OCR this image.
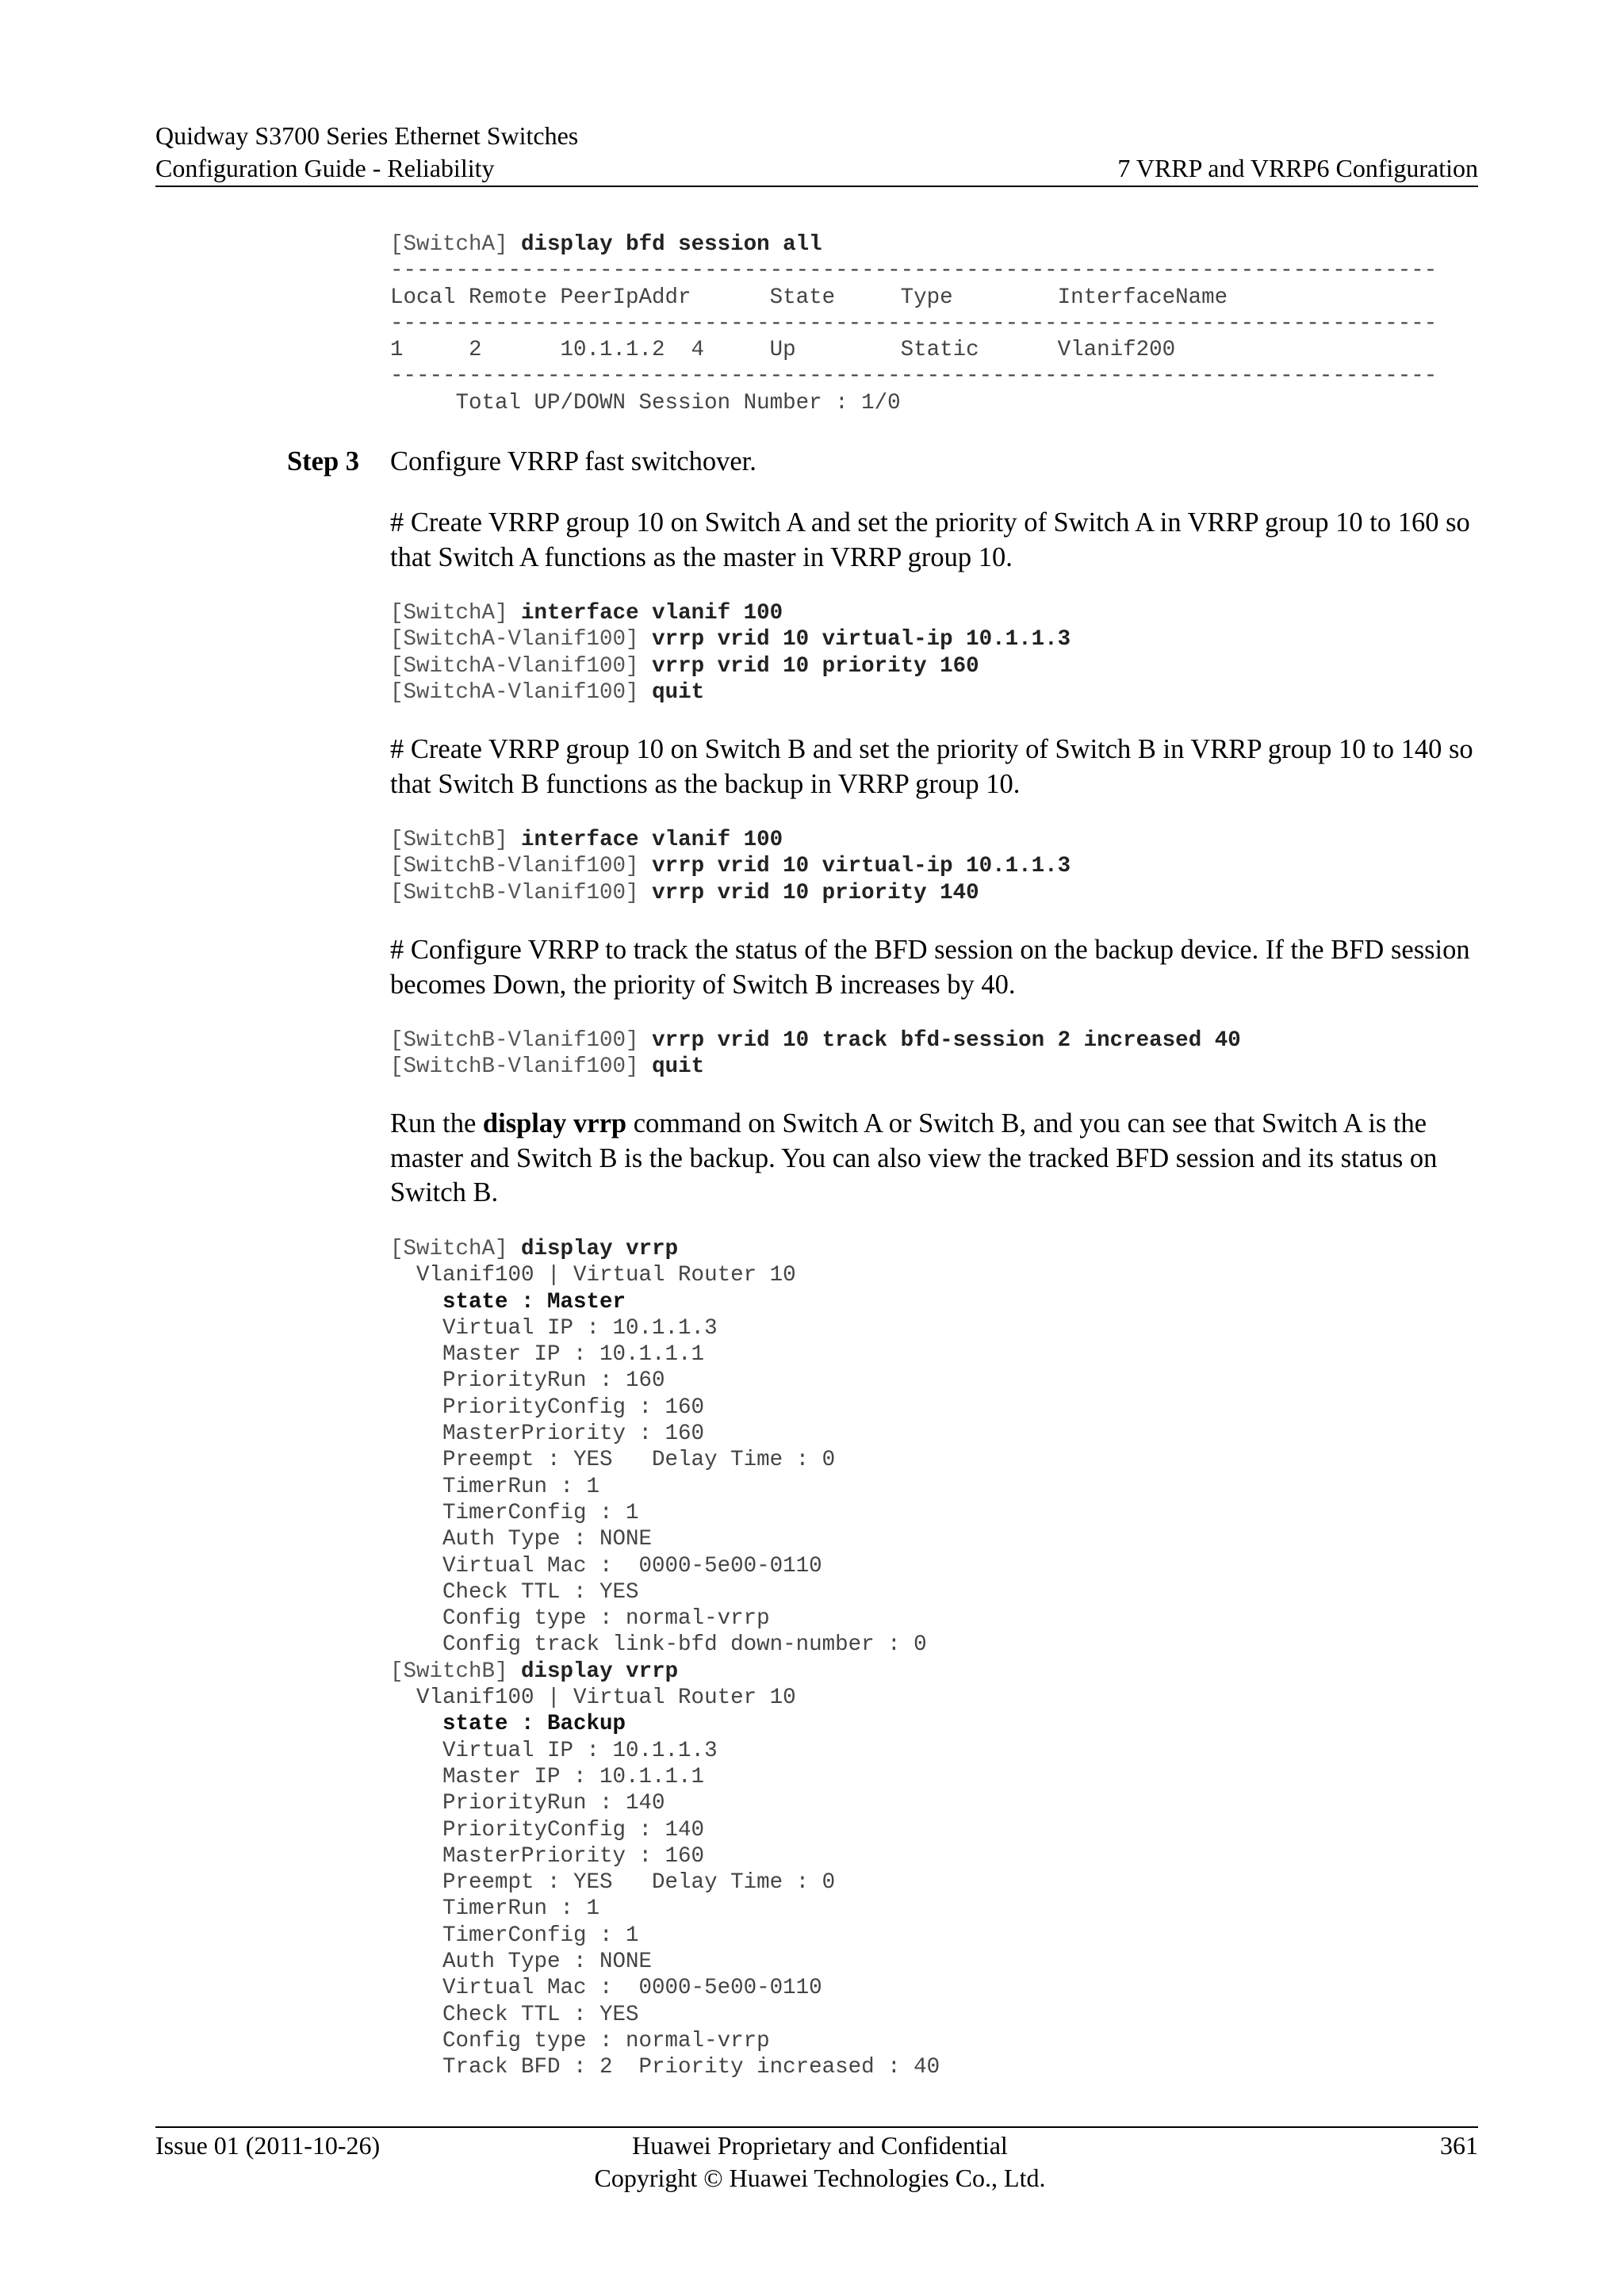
Quidway S3700 Series Ethernet Switches
Configuration Guide - Reliability	7 VRRP and VRRP6 Configuration
[SwitchA] display bfd session all
--------------------------------------------------------------------------------
Local Remote PeerIpAddr      State     Type        InterfaceName
--------------------------------------------------------------------------------
1     2      10.1.1.2  4     Up        Static      Vlanif200
--------------------------------------------------------------------------------
Total UP/DOWN Session Number : 1/0
Step 3 Configure VRRP fast switchover.

# Create VRRP group 10 on Switch A and set the priority of Switch A in VRRP group 10 to 160 so that Switch A functions as the master in VRRP group 10.

[SwitchA] interface vlanif 100
[SwitchA-Vlanif100] vrrp vrid 10 virtual-ip 10.1.1.3
[SwitchA-Vlanif100] vrrp vrid 10 priority 160
[SwitchA-Vlanif100] quit

# Create VRRP group 10 on Switch B and set the priority of Switch B in VRRP group 10 to 140 so that Switch B functions as the backup in VRRP group 10.

[SwitchB] interface vlanif 100
[SwitchB-Vlanif100] vrrp vrid 10 virtual-ip 10.1.1.3
[SwitchB-Vlanif100] vrrp vrid 10 priority 140

# Configure VRRP to track the status of the BFD session on the backup device. If the BFD session becomes Down, the priority of Switch B increases by 40.

[SwitchB-Vlanif100] vrrp vrid 10 track bfd-session 2 increased 40
[SwitchB-Vlanif100] quit

Run the display vrrp command on Switch A or Switch B, and you can see that Switch A is the master and Switch B is the backup. You can also view the tracked BFD session and its status on Switch B.

[SwitchA] display vrrp
Vlanif100 | Virtual Router 10
state : Master
Virtual IP : 10.1.1.3
Master IP : 10.1.1.1
PriorityRun : 160
PriorityConfig : 160
MasterPriority : 160
Preempt : YES   Delay Time : 0
TimerRun : 1
TimerConfig : 1
Auth Type : NONE
Virtual Mac :  0000-5e00-0110
Check TTL : YES
Config type : normal-vrrp
Config track link-bfd down-number : 0
[SwitchB] display vrrp
Vlanif100 | Virtual Router 10
state : Backup
Virtual IP : 10.1.1.3
Master IP : 10.1.1.1
PriorityRun : 140
PriorityConfig : 140
MasterPriority : 160
Preempt : YES   Delay Time : 0
TimerRun : 1
TimerConfig : 1
Auth Type : NONE
Virtual Mac :  0000-5e00-0110
Check TTL : YES
Config type : normal-vrrp
Track BFD : 2  Priority increased : 40
Issue 01 (2011-10-26)	Huawei Proprietary and Confidential
Copyright © Huawei Technologies Co., Ltd.
361
